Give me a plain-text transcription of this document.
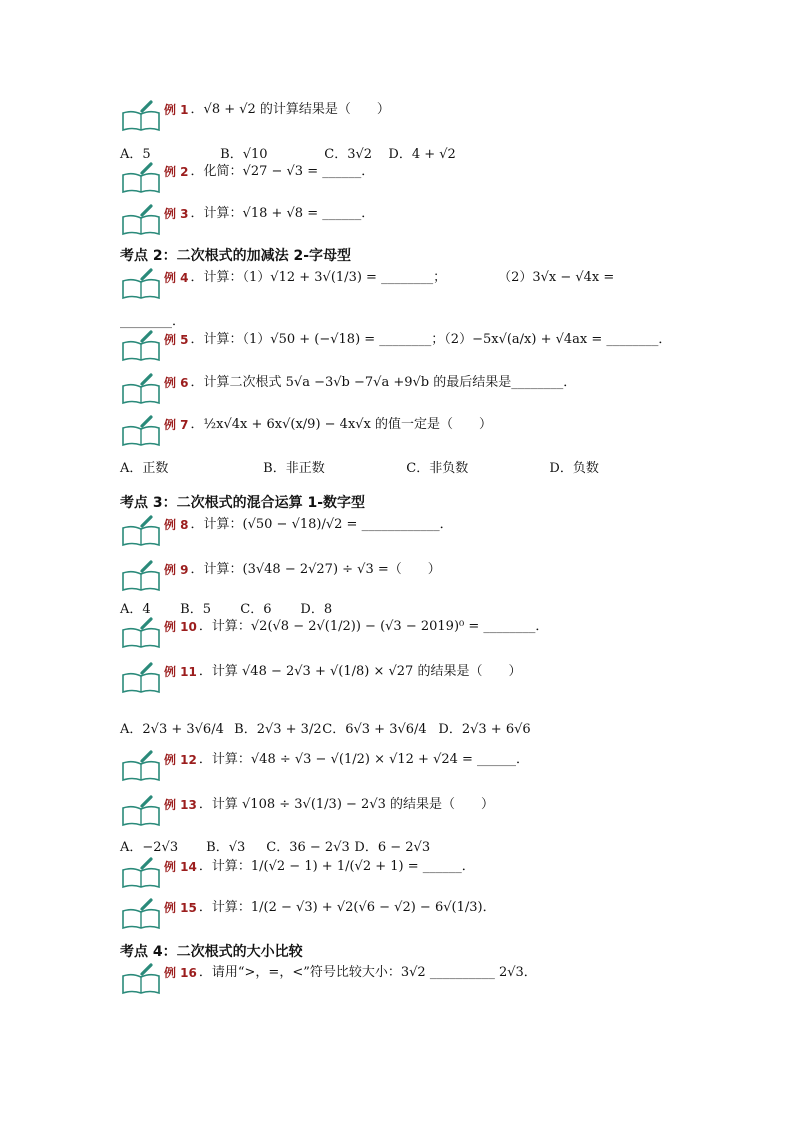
例 1 ．√8 + √2 的计算结果是（　　）
A．5	B．√10	C．3√2 D．4 + √2
例 2 ．化简：√27 − √3 = ______．
例 3 ．计算：√18 + √8 = ______．
考点 2：二次根式的加减法 2-字母型
例 4 ．计算：（1）√12 + 3√(1/3) = ________；　　　　　（2）3√x − √4x =
________．
例 5 ．计算：（1）√50 + (−√18) = ________；（2）−5x√(a/x) + √4ax = ________．
例 6 ．计算二次根式 5√a −3√b −7√a +9√b 的最后结果是________．
例 7 ．½x√4x + 6x√(x/9) − 4x√x 的值一定是（　　）
A．正数	B．非正数	C．非负数	D．负数
考点 3：二次根式的混合运算 1-数字型
例 8 ．计算：(√50 − √18)/√2 = ____________．
例 9 ．计算：(3√48 − 2√27) ÷ √3 =（　　）
A．4 B．5 C．6 D．8
例 10 ．计算：√2(√8 − 2√(1/2)) − (√3 − 2019)⁰ = ________．
例 11 ．计算 √48 − 2√3 + √(1/8) × √27 的结果是（　　）
A．2√3 + 3√6/4 B．2√3 + 3/2 C．6√3 + 3√6/4 D．2√3 + 6√6
例 12 ．计算：√48 ÷ √3 − √(1/2) × √12 + √24 = ______．
例 13 ．计算 √108 ÷ 3√(1/3) − 2√3 的结果是（　　）
A．−2√3 B．√3 C．36 − 2√3 D．6 − 2√3
例 14 ．计算：1/(√2 − 1) + 1/(√2 + 1) = ______．
例 15 ．计算：1/(2 − √3) + √2(√6 − √2) − 6√(1/3)．
考点 4：二次根式的大小比较
例 16 ．请用“>，=，<”符号比较大小：3√2 __________ 2√3．
